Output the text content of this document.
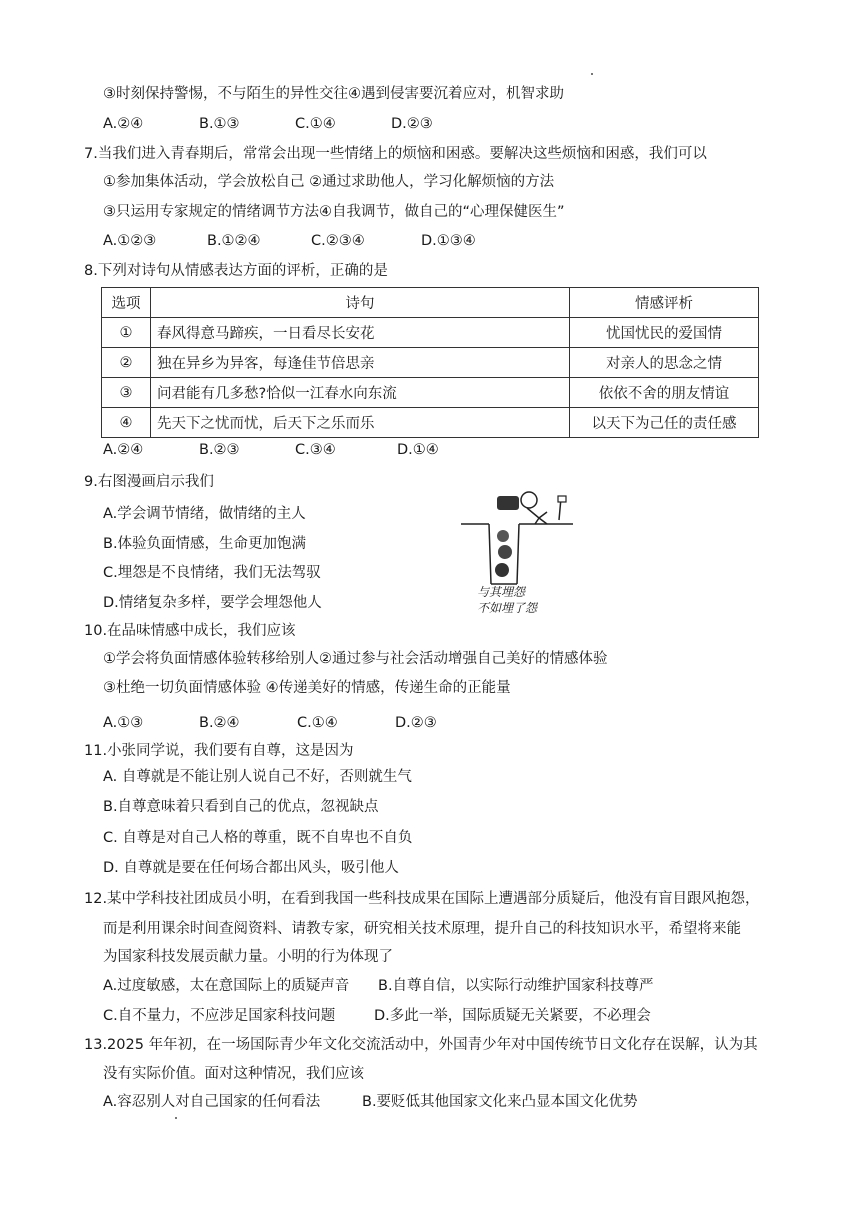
③时刻保持警惕，不与陌生的异性交往④遇到侵害要沉着应对，机智求助
A.②④	B.①③	C.①④	D.②③
7.当我们进入青春期后，常常会出现一些情绪上的烦恼和困惑。要解决这些烦恼和困惑，我们可以
①参加集体活动，学会放松自己 ②通过求助他人，学习化解烦恼的方法
③只运用专家规定的情绪调节方法④自我调节，做自己的“心理保健医生”
A.①②③	B.①②④	C.②③④	D.①③④
8.下列对诗句从情感表达方面的评析，正确的是
选项	诗句	情感评析
①	春风得意马蹄疾，一日看尽长安花	忧国忧民的爱国情
②	独在异乡为异客，每逢佳节倍思亲	对亲人的思念之情
③	问君能有几多愁?恰似一江春水向东流	依依不舍的朋友情谊
④	先天下之忧而忧，后天下之乐而乐	以天下为己任的责任感
A.②④	B.②③	C.③④	D.①④
9.右图漫画启示我们
A.学会调节情绪，做情绪的主人
B.体验负面情感，生命更加饱满
C.埋怨是不良情绪，我们无法驾驭
D.情绪复杂多样，要学会埋怨他人
与其埋怨
不如埋了怨
10.在品味情感中成长，我们应该
①学会将负面情感体验转移给别人②通过参与社会活动增强自己美好的情感体验
③杜绝一切负面情感体验 ④传递美好的情感，传递生命的正能量
A.①③	B.②④	C.①④	D.②③
11.小张同学说，我们要有自尊，这是因为
A. 自尊就是不能让别人说自己不好，否则就生气
B.自尊意味着只看到自己的优点，忽视缺点
C. 自尊是对自己人格的尊重，既不自卑也不自负
D. 自尊就是要在任何场合都出风头，吸引他人
12.某中学科技社团成员小明，在看到我国一些科技成果在国际上遭遇部分质疑后，他没有盲目跟风抱怨，
而是利用课余时间查阅资料、请教专家，研究相关技术原理，提升自己的科技知识水平，希望将来能
为国家科技发展贡献力量。小明的行为体现了
A.过度敏感，太在意国际上的质疑声音 B.自尊自信，以实际行动维护国家科技尊严
C.自不量力，不应涉足国家科技问题	D.多此一举，国际质疑无关紧要，不必理会
13.2025 年年初，在一场国际青少年文化交流活动中，外国青少年对中国传统节日文化存在误解，认为其
没有实际价值。面对这种情况，我们应该
A.容忍别人对自己国家的任何看法	B.要贬低其他国家文化来凸显本国文化优势
